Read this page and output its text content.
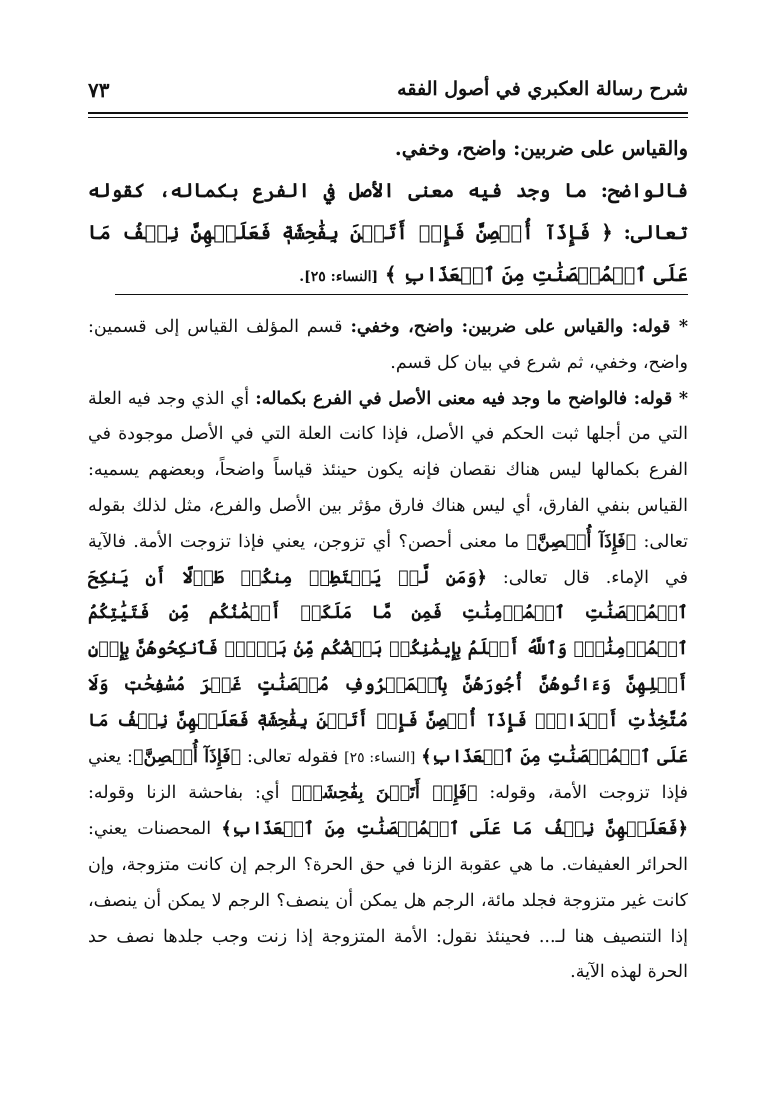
شرح رسالة العكبري في أصول الفقه
٧٣

والقياس على ضربين: واضح، وخفي.

فالواضح: ما وجد فيه معنى الأصل في الفرع بكماله، كقوله تعالى: ﴿ فَإِذَآ أُحۡصِنَّ فَإِنۡ أَتَيۡنَ بِفَٰحِشَةٖ فَعَلَيۡهِنَّ نِصۡفُ مَا عَلَى ٱلۡمُحۡصَنَٰتِ مِنَ ٱلۡعَذَابِ ﴾ [النساء: ٢٥].

* قوله: والقياس على ضربين: واضح، وخفي: قسم المؤلف القياس إلى قسمين: واضح، وخفي، ثم شرع في بيان كل قسم.

* قوله: فالواضح ما وجد فيه معنى الأصل في الفرع بكماله: أي الذي وجد فيه العلة التي من أجلها ثبت الحكم في الأصل، فإذا كانت العلة التي في الأصل موجودة في الفرع بكمالها ليس هناك نقصان فإنه يكون حينئذ قياساً واضحاً، وبعضهم يسميه: القياس بنفي الفارق، أي ليس هناك فارق مؤثر بين الأصل والفرع، مثل لذلك بقوله تعالى: ﴿فَإِذَآ أُحۡصِنَّ﴾ ما معنى أحصن؟ أي تزوجن، يعني فإذا تزوجت الأمة. فالآية في الإماء. قال تعالى: ﴿وَمَن لَّمۡ يَسۡتَطِعۡ مِنكُمۡ طَوۡلًا أَن يَنكِحَ ٱلۡمُحۡصَنَٰتِ ٱلۡمُؤۡمِنَٰتِ فَمِن مَّا مَلَكَتۡ أَيۡمَٰنُكُم مِّن فَتَيَٰتِكُمُ ٱلۡمُؤۡمِنَٰتِۚ وَٱللَّهُ أَعۡلَمُ بِإِيمَٰنِكُمۚ بَعۡضُكُم مِّنۢ بَعۡضٖۚ فَٱنكِحُوهُنَّ بِإِذۡنِ أَهۡلِهِنَّ وَءَاتُوهُنَّ أُجُورَهُنَّ بِٱلۡمَعۡرُوفِ مُحۡصَنَٰتٍ غَيۡرَ مُسَٰفِحَٰتٖ وَلَا مُتَّخِذَٰتِ أَخۡدَانٖۚ فَإِذَآ أُحۡصِنَّ فَإِنۡ أَتَيۡنَ بِفَٰحِشَةٖ فَعَلَيۡهِنَّ نِصۡفُ مَا عَلَى ٱلۡمُحۡصَنَٰتِ مِنَ ٱلۡعَذَابِ﴾ [النساء: ٢٥] فقوله تعالى: ﴿فَإِذَآ أُحۡصِنَّ﴾: يعني فإذا تزوجت الأمة، وقوله: ﴿فَإِنۡ أَتَيۡنَ بِفَٰحِشَةٖ﴾ أي: بفاحشة الزنا وقوله: ﴿فَعَلَيۡهِنَّ نِصۡفُ مَا عَلَى ٱلۡمُحۡصَنَٰتِ مِنَ ٱلۡعَذَابِ﴾ المحصنات يعني: الحرائر العفيفات. ما هي عقوبة الزنا في حق الحرة؟ الرجم إن كانت متزوجة، وإن كانت غير متزوجة فجلد مائة، الرجم هل يمكن أن ينصف؟ الرجم لا يمكن أن ينصف، إذا التنصيف هنا لـ... فحينئذ نقول: الأمة المتزوجة إذا زنت وجب جلدها نصف حد الحرة لهذه الآية.
